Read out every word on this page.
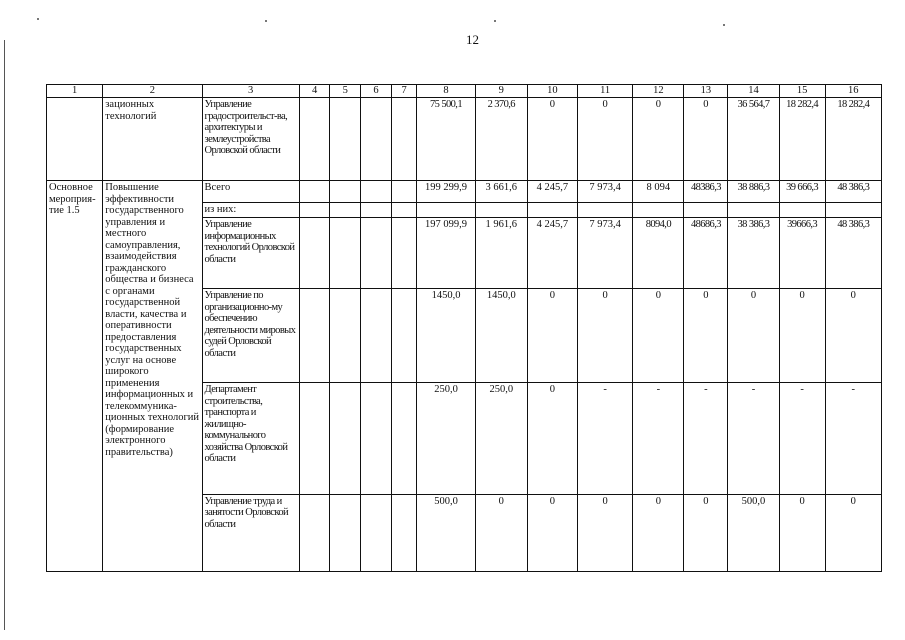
12
1	2	3	4	5	6	7	8	9	10	11	12	13	14	15	16
	зационных технологий	Управление градостроительст-ва, архитектуры и землеустройства Орловской области					75 500,1	2 370,6	0	0	0	0	36 564,7	18 282,4	18 282,4
Основное мероприя-тие 1.5	Повышение эффективности государственного управления и местного самоуправления, взаимодействия гражданского общества и бизнеса с органами государственной власти, качества и оперативности предоставления государственных услуг на основе широкого применения информационных и телекоммуника-ционных технологий (формирование электронного правительства)	Всего					199 299,9	3 661,6	4 245,7	7 973,4	8 094	48386,3	38 886,3	39 666,3	48 386,3
		из них:													
		Управление информационных технологий Орловской области					197 099,9	1 961,6	4 245,7	7 973,4	8094,0	48686,3	38 386,3	39666,3	48 386,3
		Управление по организационно-му обеспечению деятельности мировых судей Орловской области					1450,0	1450,0	0	0	0	0	0	0	0
		Департамент строительства, транспорта и жилищно-коммунального хозяйства Орловской области					250,0	250,0	0	-	-	-	-	-	-
		Управление труда и занятости Орловской области					500,0	0	0	0	0	0	500,0	0	0
